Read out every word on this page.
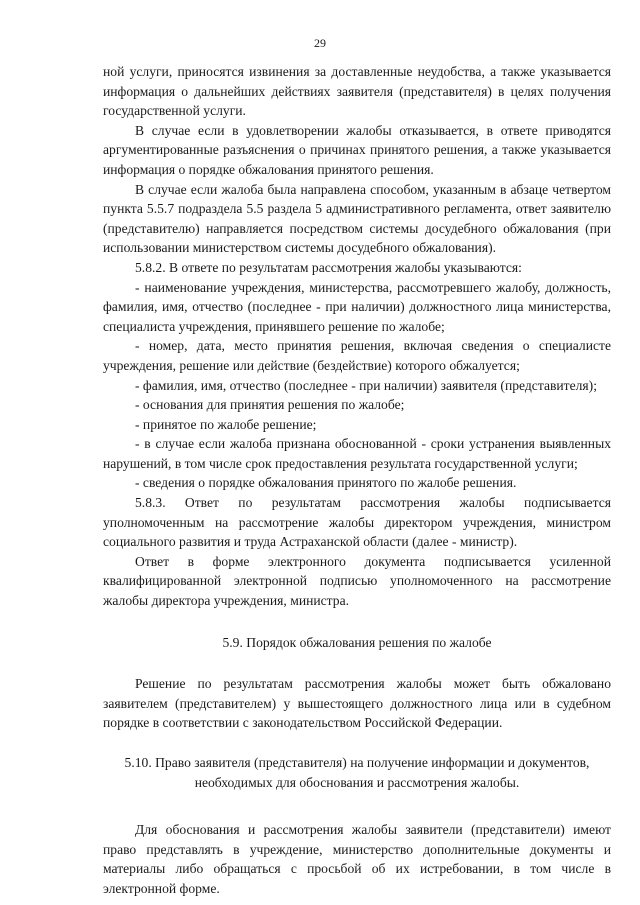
29

ной услуги, приносятся извинения за доставленные неудобства, а также указывается информация о дальнейших действиях заявителя (представителя) в целях получения государственной услуги.

В случае если в удовлетворении жалобы отказывается, в ответе приводятся аргументированные разъяснения о причинах принятого решения, а также указывается информация о порядке обжалования принятого решения.

В случае если жалоба была направлена способом, указанным в абзаце четвертом пункта 5.5.7 подраздела 5.5 раздела 5 административного регламента, ответ заявителю (представителю) направляется посредством системы досудебного обжалования (при использовании министерством системы досудебного обжалования).

5.8.2. В ответе по результатам рассмотрения жалобы указываются:

- наименование учреждения, министерства, рассмотревшего жалобу, должность, фамилия, имя, отчество (последнее - при наличии) должностного лица министерства, специалиста учреждения, принявшего решение по жалобе;

- номер, дата, место принятия решения, включая сведения о специалисте учреждения, решение или действие (бездействие) которого обжалуется;

- фамилия, имя, отчество (последнее - при наличии) заявителя (представителя);

- основания для принятия решения по жалобе;

- принятое по жалобе решение;

- в случае если жалоба признана обоснованной - сроки устранения выявленных нарушений, в том числе срок предоставления результата государственной услуги;

- сведения о порядке обжалования принятого по жалобе решения.

5.8.3. Ответ по результатам рассмотрения жалобы подписывается уполномоченным на рассмотрение жалобы директором учреждения, министром социального развития и труда Астраханской области (далее - министр).

Ответ в форме электронного документа подписывается усиленной квалифицированной электронной подписью уполномоченного на рассмотрение жалобы директора учреждения, министра.

5.9. Порядок обжалования решения по жалобе

Решение по результатам рассмотрения жалобы может быть обжаловано заявителем (представителем) у вышестоящего должностного лица или в судебном порядке в соответствии с законодательством Российской Федерации.

5.10. Право заявителя (представителя) на получение информации и документов,

необходимых для обоснования и рассмотрения жалобы.

Для обоснования и рассмотрения жалобы заявители (представители) имеют право представлять в учреждение, министерство дополнительные документы и материалы либо обращаться с просьбой об их истребовании, в том числе в электронной форме.
